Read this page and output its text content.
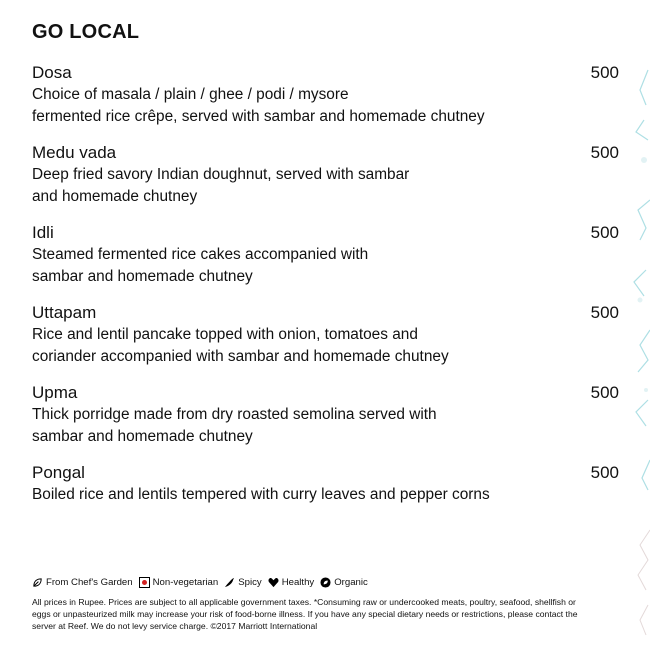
GO LOCAL
Dosa	500
Choice of masala / plain / ghee / podi / mysore
fermented rice crêpe, served with sambar and homemade chutney
Medu vada	500
Deep fried savory Indian doughnut, served with sambar
and homemade chutney
Idli	500
Steamed fermented rice cakes accompanied with
sambar and homemade chutney
Uttapam	500
Rice and lentil pancake topped with onion, tomatoes and
coriander accompanied with sambar and homemade chutney
Upma	500
Thick porridge made from dry roasted semolina served with
sambar and homemade chutney
Pongal	500
Boiled rice and lentils tempered with curry leaves and pepper corns
From Chef's Garden Non-vegetarian Spicy Healthy Organic
All prices in Rupee. Prices are subject to all applicable government taxes. *Consuming raw or undercooked meats, poultry, seafood, shellfish or eggs or unpasteurized milk may increase your risk of food-borne illness. If you have any special dietary needs or restrictions, please contact the server at Reef. We do not levy service charge. ©2017 Marriott International
